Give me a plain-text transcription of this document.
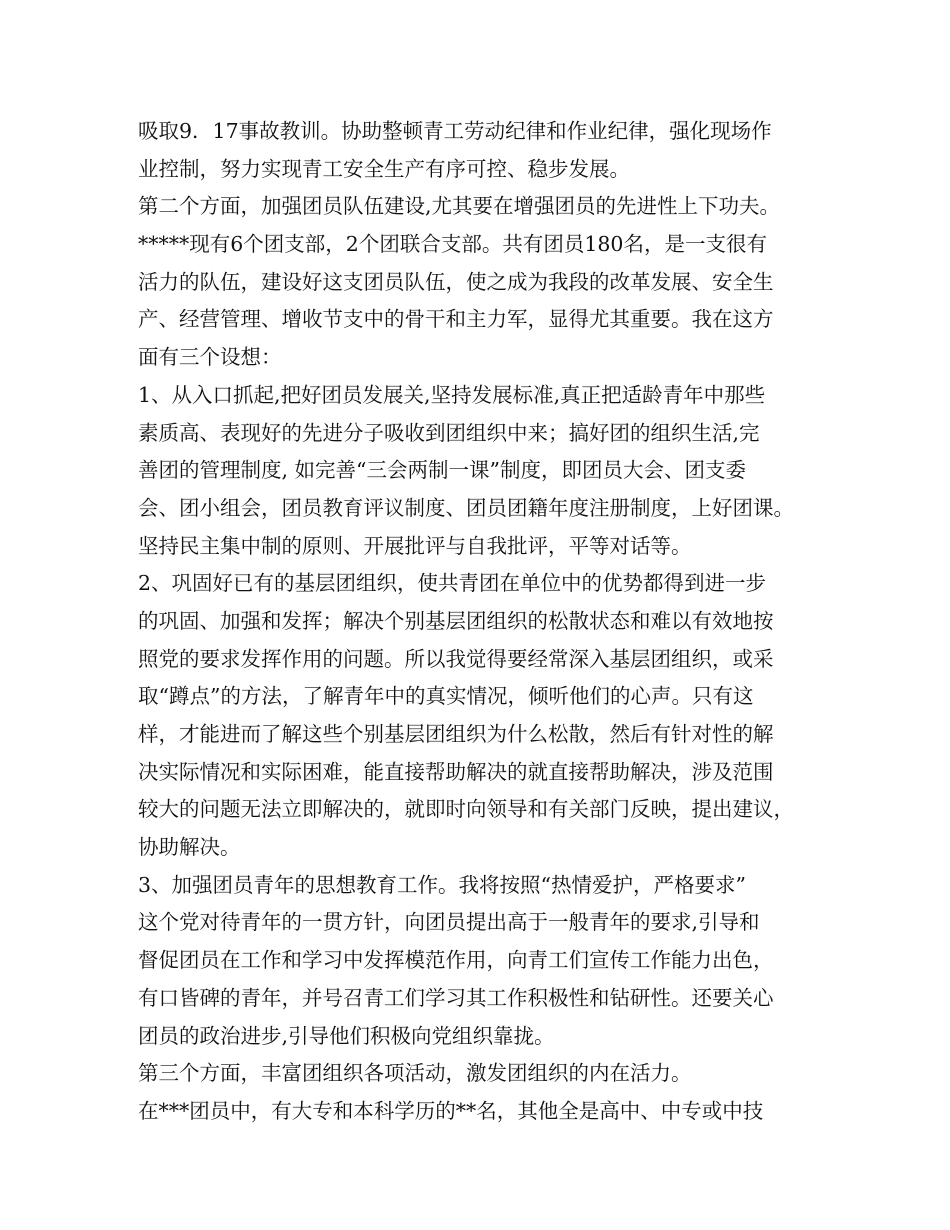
吸取9．17事故教训。协助整顿青工劳动纪律和作业纪律，强化现场作
业控制，努力实现青工安全生产有序可控、稳步发展。
第二个方面，加强团员队伍建设,尤其要在增强团员的先进性上下功夫。
*****现有6个团支部，2个团联合支部。共有团员180名，是一支很有
活力的队伍，建设好这支团员队伍，使之成为我段的改革发展、安全生
产、经营管理、增收节支中的骨干和主力军，显得尤其重要。我在这方
面有三个设想：
1、从入口抓起,把好团员发展关,坚持发展标准,真正把适龄青年中那些
素质高、表现好的先进分子吸收到团组织中来；搞好团的组织生活,完
善团的管理制度, 如完善“三会两制一课”制度，即团员大会、团支委
会、团小组会，团员教育评议制度、团员团籍年度注册制度，上好团课。
坚持民主集中制的原则、开展批评与自我批评，平等对话等。
2、巩固好已有的基层团组织，使共青团在单位中的优势都得到进一步
的巩固、加强和发挥；解决个别基层团组织的松散状态和难以有效地按
照党的要求发挥作用的问题。所以我觉得要经常深入基层团组织，或采
取“蹲点”的方法，了解青年中的真实情况，倾听他们的心声。只有这
样，才能进而了解这些个别基层团组织为什么松散，然后有针对性的解
决实际情况和实际困难，能直接帮助解决的就直接帮助解决，涉及范围
较大的问题无法立即解决的，就即时向领导和有关部门反映，提出建议，
协助解决。
3、加强团员青年的思想教育工作。我将按照“热情爱护，严格要求”
这个党对待青年的一贯方针，向团员提出高于一般青年的要求,引导和
督促团员在工作和学习中发挥模范作用，向青工们宣传工作能力出色，
有口皆碑的青年，并号召青工们学习其工作积极性和钻研性。还要关心
团员的政治进步,引导他们积极向党组织靠拢。
第三个方面，丰富团组织各项活动，激发团组织的内在活力。
在***团员中，有大专和本科学历的**名，其他全是高中、中专或中技
